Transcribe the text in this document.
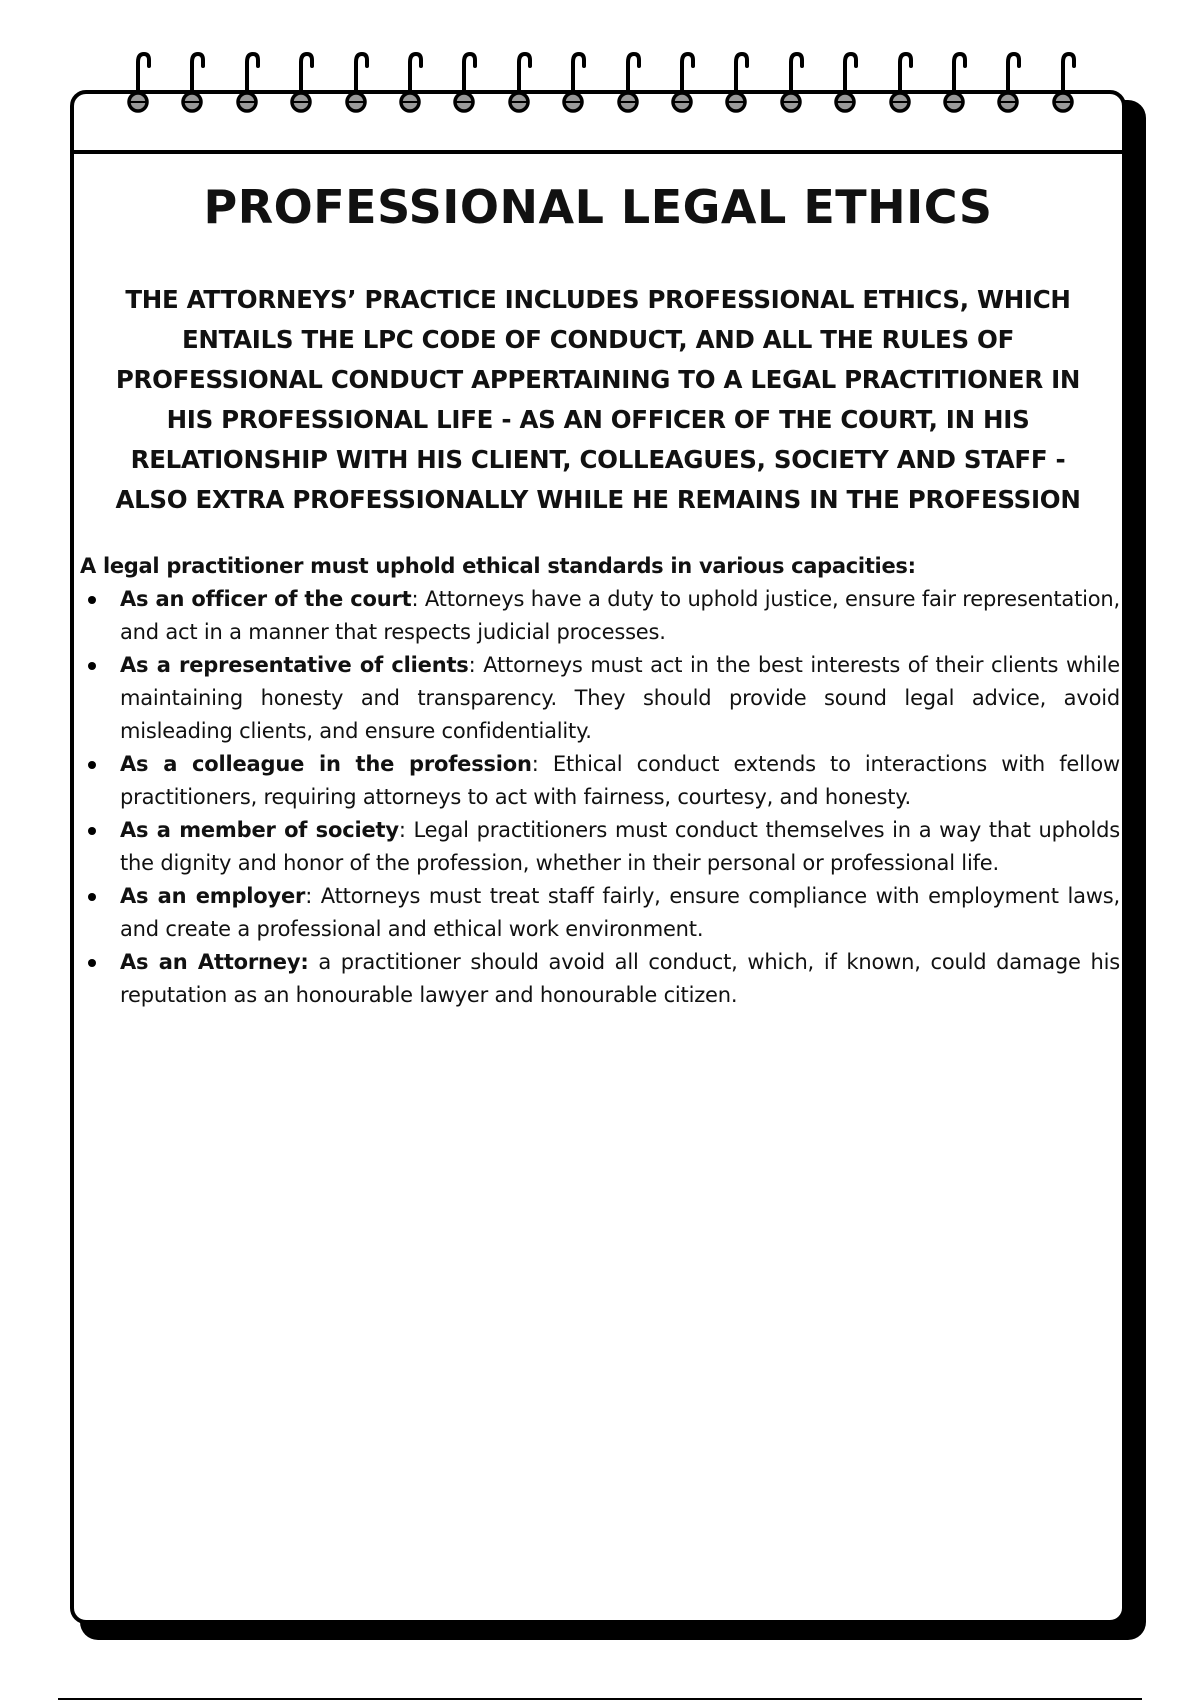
PROFESSIONAL LEGAL ETHICS

THE ATTORNEYS’ PRACTICE INCLUDES PROFESSIONAL ETHICS, WHICH ENTAILS THE LPC CODE OF CONDUCT, AND ALL THE RULES OF PROFESSIONAL CONDUCT APPERTAINING TO A LEGAL PRACTITIONER IN HIS PROFESSIONAL LIFE - AS AN OFFICER OF THE COURT, IN HIS RELATIONSHIP WITH HIS CLIENT, COLLEAGUES, SOCIETY AND STAFF - ALSO EXTRA PROFESSIONALLY WHILE HE REMAINS IN THE PROFESSION

A legal practitioner must uphold ethical standards in various capacities:

As an officer of the court: Attorneys have a duty to uphold justice, ensure fair representation, and act in a manner that respects judicial processes.
As a representative of clients: Attorneys must act in the best interests of their clients while maintaining honesty and transparency. They should provide sound legal advice, avoid misleading clients, and ensure confidentiality.
As a colleague in the profession: Ethical conduct extends to interactions with fellow practitioners, requiring attorneys to act with fairness, courtesy, and honesty.
As a member of society: Legal practitioners must conduct themselves in a way that upholds the dignity and honor of the profession, whether in their personal or professional life.
As an employer: Attorneys must treat staff fairly, ensure compliance with employment laws, and create a professional and ethical work environment.
As an Attorney: a practitioner should avoid all conduct, which, if known, could damage his reputation as an honourable lawyer and honourable citizen.
